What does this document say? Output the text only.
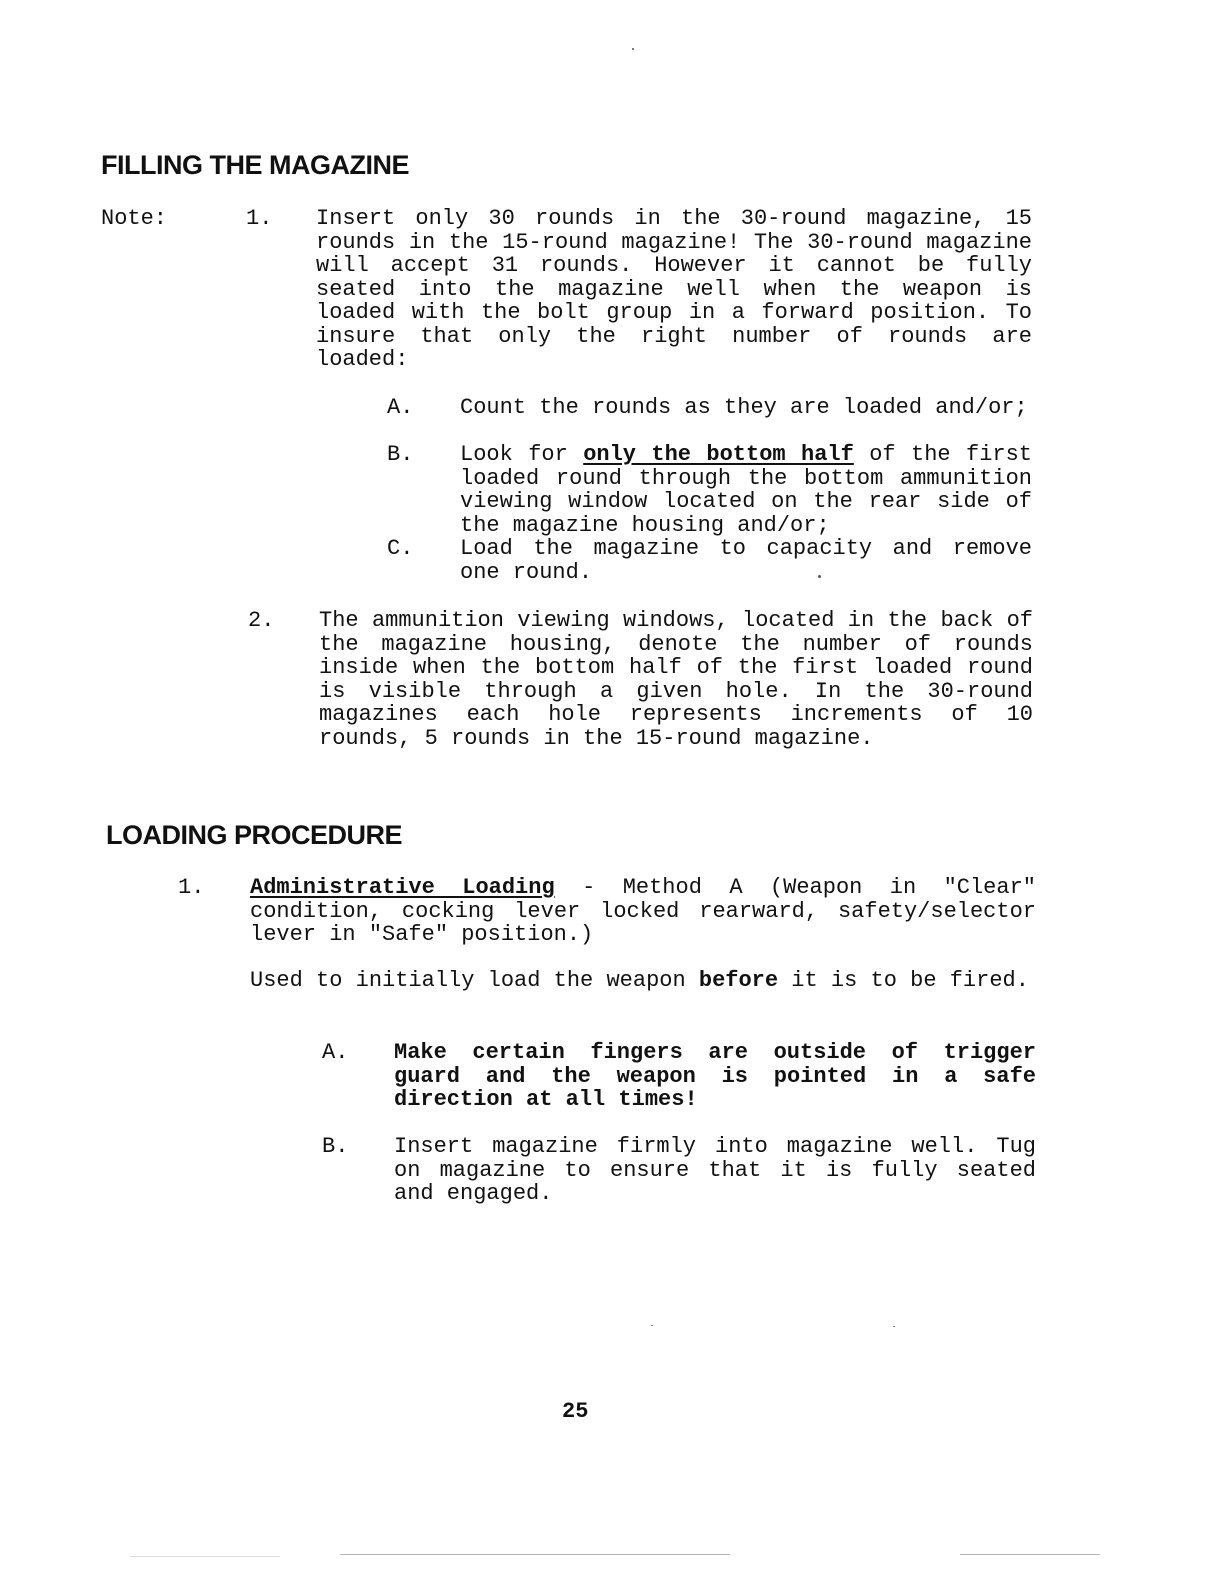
FILLING THE MAGAZINE
Note:	1. Insert only 30 rounds in the 30-round magazine, 15 rounds in the 15-round magazine! The 30-round magazine will accept 31 rounds. However it cannot be fully seated into the magazine well when the weapon is loaded with the bolt group in a forward position. To insure that only the right number of rounds are loaded:

A. Count the rounds as they are loaded and/or;

B. Look for only the bottom half of the first loaded round through the bottom ammunition viewing window located on the rear side of the magazine housing and/or;

C. Load the magazine to capacity and remove one round.

2. The ammunition viewing windows, located in the back of the magazine housing, denote the number of rounds inside when the bottom half of the first loaded round is visible through a given hole. In the 30-round magazines each hole represents increments of 10 rounds, 5 rounds in the 15-round magazine.

LOADING PROCEDURE
1. Administrative Loading - Method A (Weapon in "Clear" condition, cocking lever locked rearward, safety/selector lever in "Safe" position.)

Used to initially load the weapon before it is to be fired.

A. Make certain fingers are outside of trigger guard and the weapon is pointed in a safe direction at all times!

B. Insert magazine firmly into magazine well. Tug on magazine to ensure that it is fully seated and engaged.

25
